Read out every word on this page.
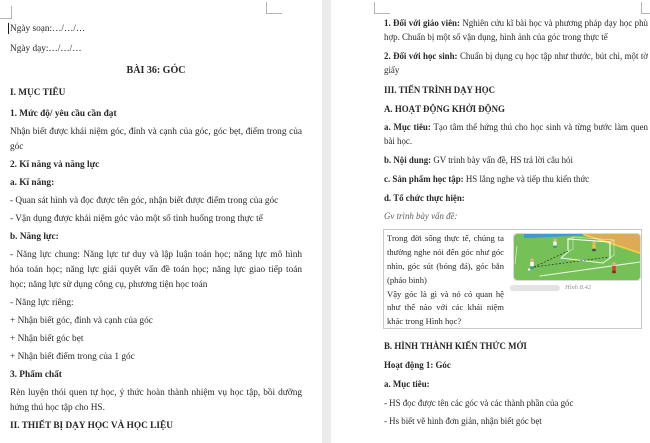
Ngày soạn:…/…/…

Ngày dạy:…/…/…

BÀI 36: GÓC

I. MỤC TIÊU

1. Mức độ/ yêu cầu cần đạt

Nhận biết được khái niệm góc, đỉnh và cạnh của góc, góc bẹt, điểm trong của góc

2. Kĩ năng và năng lực

a. Kĩ năng:

- Quan sát hình và đọc được tên góc, nhận biết được điểm trong của góc

- Vận dụng được khái niệm góc vào một số tình huống trong thực tế

b. Năng lực:

- Năng lực chung: Năng lực tư duy và lập luận toán học; năng lực mô hình hóa toán học; năng lực giải quyết vấn đề toán học; năng lực giao tiếp toán học; năng lực sử dụng công cụ, phương tiện học toán

- Năng lực riêng:

+ Nhận biết góc, đỉnh và cạnh của góc

+ Nhận biết góc bẹt

+ Nhận biết điểm trong của 1 góc

3. Phẩm chất

Rèn luyện thói quen tự học, ý thức hoàn thành nhiệm vụ học tập, bồi dưỡng hứng thú học tập cho HS.

II. THIẾT BỊ DẠY HỌC VÀ HỌC LIỆU

1. Đối với giáo viên: Nghiên cứu kĩ bài học và phương pháp dạy học phù hợp. Chuẩn bị một số vận dụng, hình ảnh của góc trong thực tế

2. Đối với học sinh: Chuẩn bị dụng cụ học tập như thước, bút chì, một tờ giấy

III. TIẾN TRÌNH DẠY HỌC

A. HOẠT ĐỘNG KHỞI ĐỘNG

a. Mục tiêu: Tạo tâm thế hứng thú cho học sinh và từng bước làm quen bài học.

b. Nội dung: GV trình bày vấn đề, HS trả lời câu hỏi

c. Sản phẩm học tập: HS lắng nghe và tiếp thu kiến thức

d. Tổ chức thực hiện:

Gv trình bày vấn đề:

Trong đời sống thực tế, chúng ta thường nghe nói đến góc như góc nhìn, góc sút (bóng đá), góc bắn (pháo binh)

Vậy góc là gì và nó có quan hệ như thế nào với các khái niệm khác trong Hình học?

Hình 8.42

B. HÌNH THÀNH KIẾN THỨC MỚI

Hoạt động 1: Góc

a. Mục tiêu:

- HS đọc được tên các góc và các thành phần của góc

- Hs biết vẽ hình đơn giản, nhận biết góc bẹt
